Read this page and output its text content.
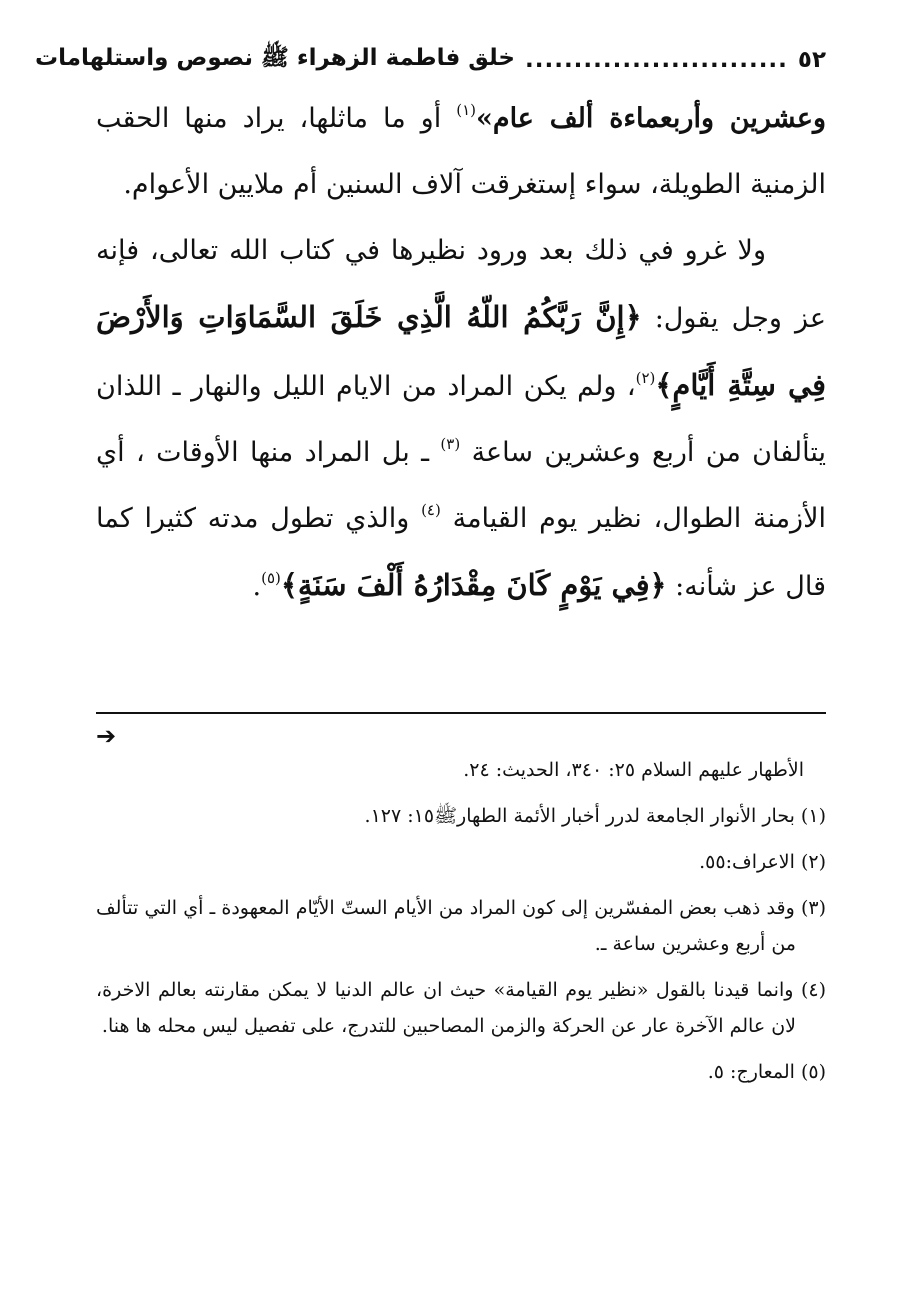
٥٢
...........................
خلق فاطمة الزهراء ﷺ نصوص واستلهامات

وعشرين وأربعماءة ألف عام»$^{(١)}$ أو ما ماثلها، يراد منها الحقب الزمنية الطويلة، سواء إستغرقت آلاف السنين أم ملايين الأعوام.

ولا غرو في ذلك بعد ورود نظيرها في كتاب الله تعالى، فإنه عز وجل يقول: ﴿إِنَّ رَبَّكُمُ اللّهُ الَّذِي خَلَقَ السَّمَاوَاتِ وَالأَرْضَ فِي سِتَّةِ أَيَّامٍ﴾$^{(٢)}$، ولم يكن المراد من الايام الليل والنهار ـ اللذان يتألفان من أربع وعشرين ساعة $^{(٣)}$ ـ بل المراد منها الأوقات ، أي الأزمنة الطوال، نظير يوم القيامة $^{(٤)}$ والذي تطول مدته كثيرا كما قال عز شأنه: ﴿فِي يَوْمٍ كَانَ مِقْدَارُهُ أَلْفَ سَنَةٍ﴾$^{(٥)}$.

➔

الأطهار عليهم السلام ٢٥: ٣٤٠، الحديث: ٢٤.

(١) بحار الأنوار الجامعة لدرر أخبار الأئمة الطهارﷺ١٥: ١٢٧.

(٢) الاعراف:٥٥.

(٣) وقد ذهب بعض المفسّرين إلى كون المراد من الأيام الستّ الأيّام المعهودة ـ أي التي تتألف من أربع وعشرين ساعة ـ.

(٤) وانما قيدنا بالقول «نظير يوم القيامة» حيث ان عالم الدنيا لا يمكن مقارنته بعالم الاخرة، لان عالم الآخرة عار عن الحركة والزمن المصاحبين للتدرج، على تفصيل ليس محله ها هنا.

(٥) المعارج: ٥.
